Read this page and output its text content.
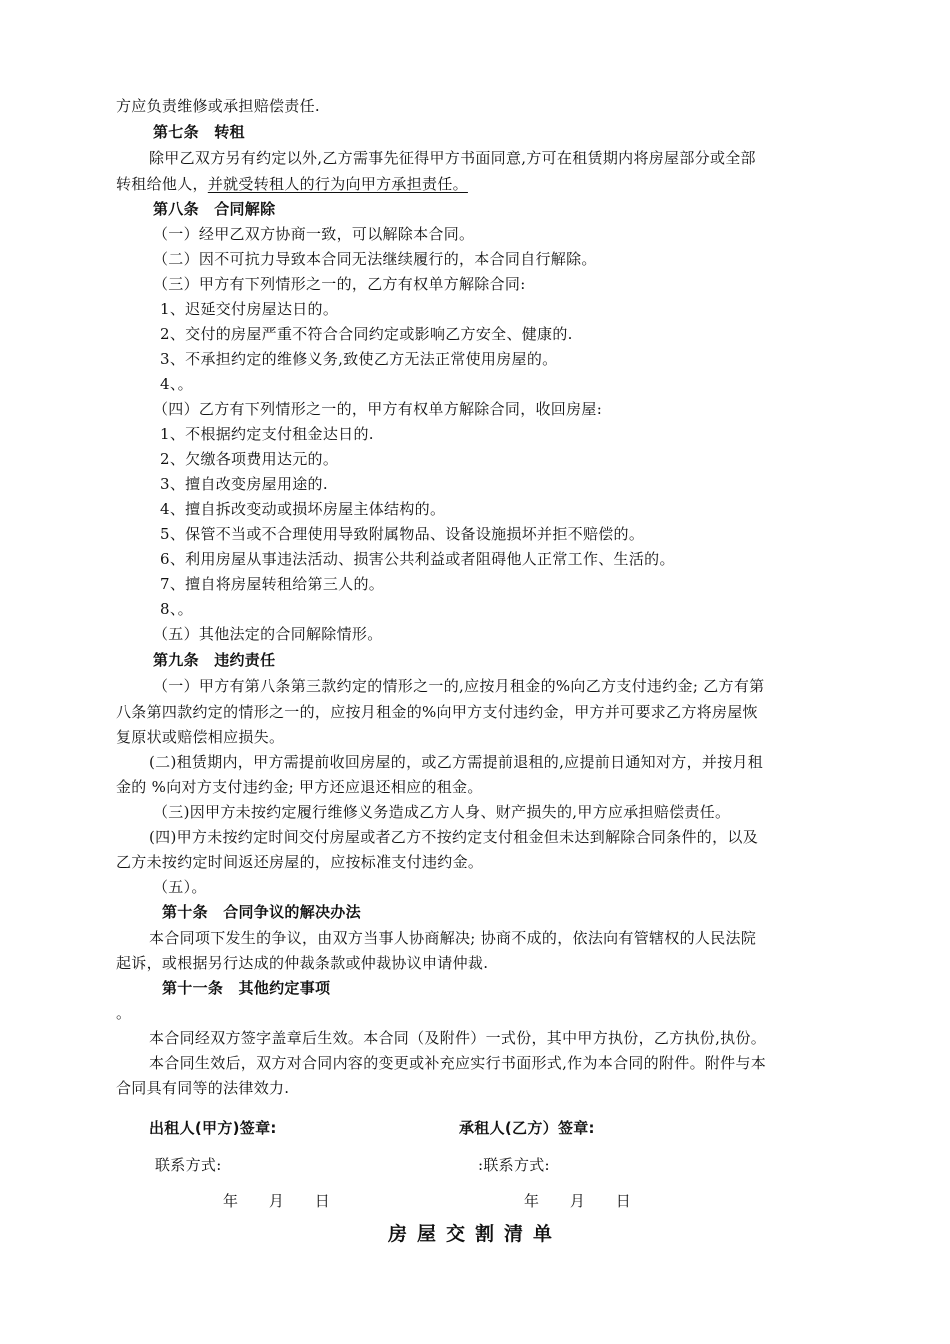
方应负责维修或承担赔偿责任.
第七条　转租
除甲乙双方另有约定以外,乙方需事先征得甲方书面同意,方可在租赁期内将房屋部分或全部
转租给他人，并就受转租人的行为向甲方承担责任。
第八条　合同解除
（一）经甲乙双方协商一致，可以解除本合同。
（二）因不可抗力导致本合同无法继续履行的，本合同自行解除。
（三）甲方有下列情形之一的，乙方有权单方解除合同:
1、迟延交付房屋达日的。
2、交付的房屋严重不符合合同约定或影响乙方安全、健康的.
3、不承担约定的维修义务,致使乙方无法正常使用房屋的。
4、。
（四）乙方有下列情形之一的，甲方有权单方解除合同，收回房屋:
1、不根据约定支付租金达日的.
2、欠缴各项费用达元的。
3、擅自改变房屋用途的.
4、擅自拆改变动或损坏房屋主体结构的。
5、保管不当或不合理使用导致附属物品、设备设施损坏并拒不赔偿的。
6、利用房屋从事违法活动、损害公共利益或者阻碍他人正常工作、生活的。
7、擅自将房屋转租给第三人的。
8、。
（五）其他法定的合同解除情形。
第九条　违约责任
（一）甲方有第八条第三款约定的情形之一的,应按月租金的%向乙方支付违约金; 乙方有第
八条第四款约定的情形之一的，应按月租金的%向甲方支付违约金，甲方并可要求乙方将房屋恢
复原状或赔偿相应损失。
(二)租赁期内，甲方需提前收回房屋的，或乙方需提前退租的,应提前日通知对方，并按月租
金的 %向对方支付违约金; 甲方还应退还相应的租金。
（三)因甲方未按约定履行维修义务造成乙方人身、财产损失的,甲方应承担赔偿责任。
(四)甲方未按约定时间交付房屋或者乙方不按约定支付租金但未达到解除合同条件的，以及
乙方未按约定时间返还房屋的，应按标准支付违约金。
（五）。
第十条　合同争议的解决办法
本合同项下发生的争议，由双方当事人协商解决; 协商不成的，依法向有管辖权的人民法院
起诉，或根据另行达成的仲裁条款或仲裁协议申请仲裁.
第十一条　其他约定事项
。
本合同经双方签字盖章后生效。本合同（及附件）一式份，其中甲方执份，乙方执份,执份。
本合同生效后，双方对合同内容的变更或补充应实行书面形式,作为本合同的附件。附件与本
合同具有同等的法律效力.
出租人(甲方)签章:	承租人(乙方）签章:
联系方式:	:联系方式:
年　　月　　日	年　　月　　日
房屋交割清单
